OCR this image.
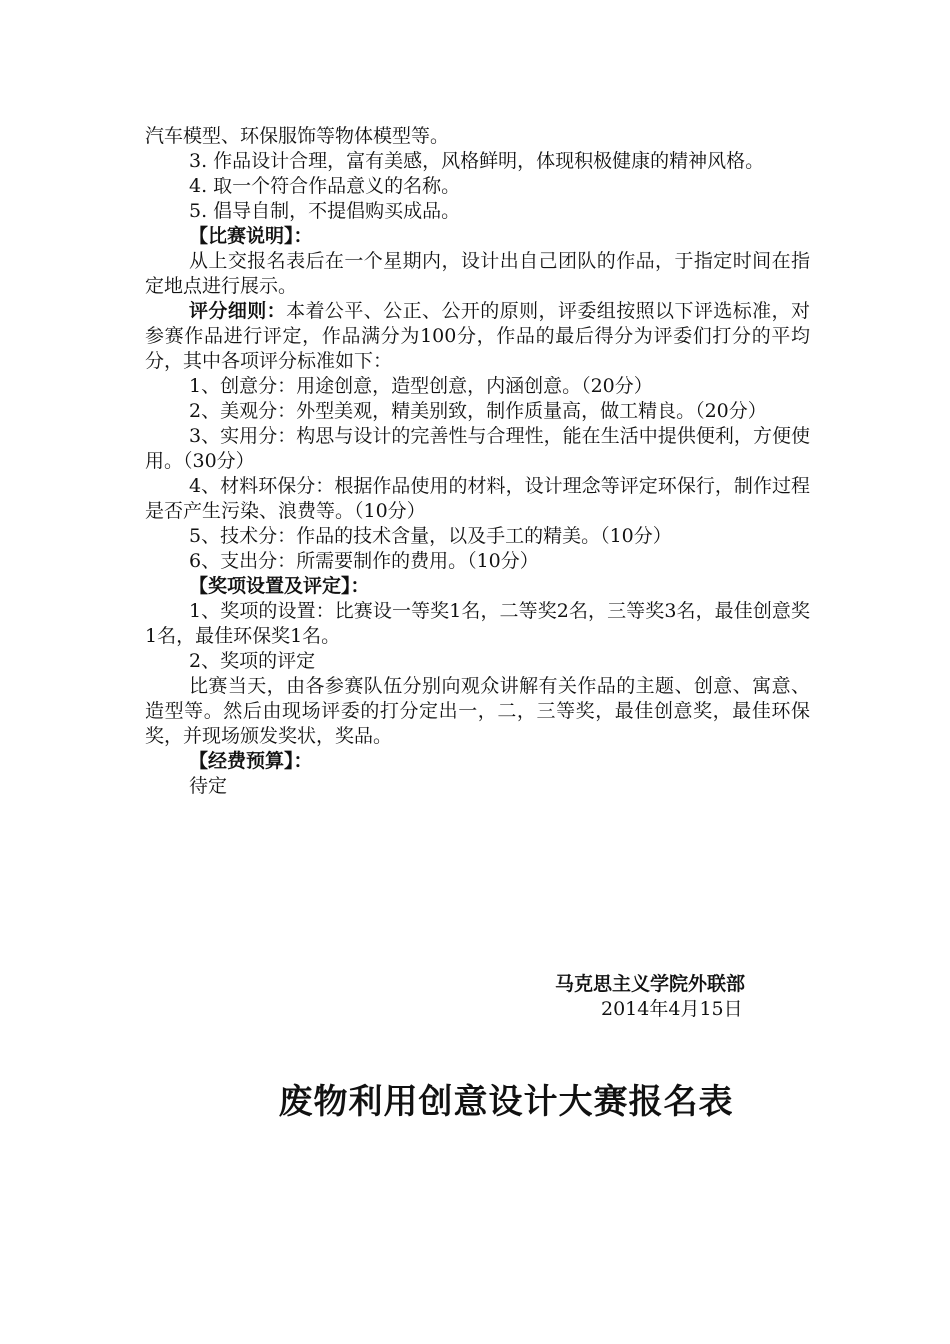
汽车模型、环保服饰等物体模型等。

3. 作品设计合理，富有美感，风格鲜明，体现积极健康的精神风格。

4. 取一个符合作品意义的名称。

5. 倡导自制，不提倡购买成品。

【比赛说明】：

从上交报名表后在一个星期内，设计出自己团队的作品，于指定时间在指定地点进行展示。

评分细则：本着公平、公正、公开的原则，评委组按照以下评选标准，对参赛作品进行评定，作品满分为100分，作品的最后得分为评委们打分的平均分，其中各项评分标准如下：

1、创意分：用途创意，造型创意，内涵创意。（20分）

2、美观分：外型美观，精美别致，制作质量高，做工精良。（20分）

3、实用分：构思与设计的完善性与合理性，能在生活中提供便利，方便使用。（30分）

4、材料环保分：根据作品使用的材料，设计理念等评定环保行，制作过程是否产生污染、浪费等。（10分）

5、技术分：作品的技术含量，以及手工的精美。（10分）

6、支出分：所需要制作的费用。（10分）

【奖项设置及评定】：

1、奖项的设置：比赛设一等奖1名，二等奖2名，三等奖3名，最佳创意奖1名，最佳环保奖1名。

2、奖项的评定

比赛当天，由各参赛队伍分别向观众讲解有关作品的主题、创意、寓意、造型等。然后由现场评委的打分定出一，二，三等奖，最佳创意奖，最佳环保奖，并现场颁发奖状，奖品。

【经费预算】：

待定

马克思主义学院外联部
2014年4月15日
废物利用创意设计大赛报名表
